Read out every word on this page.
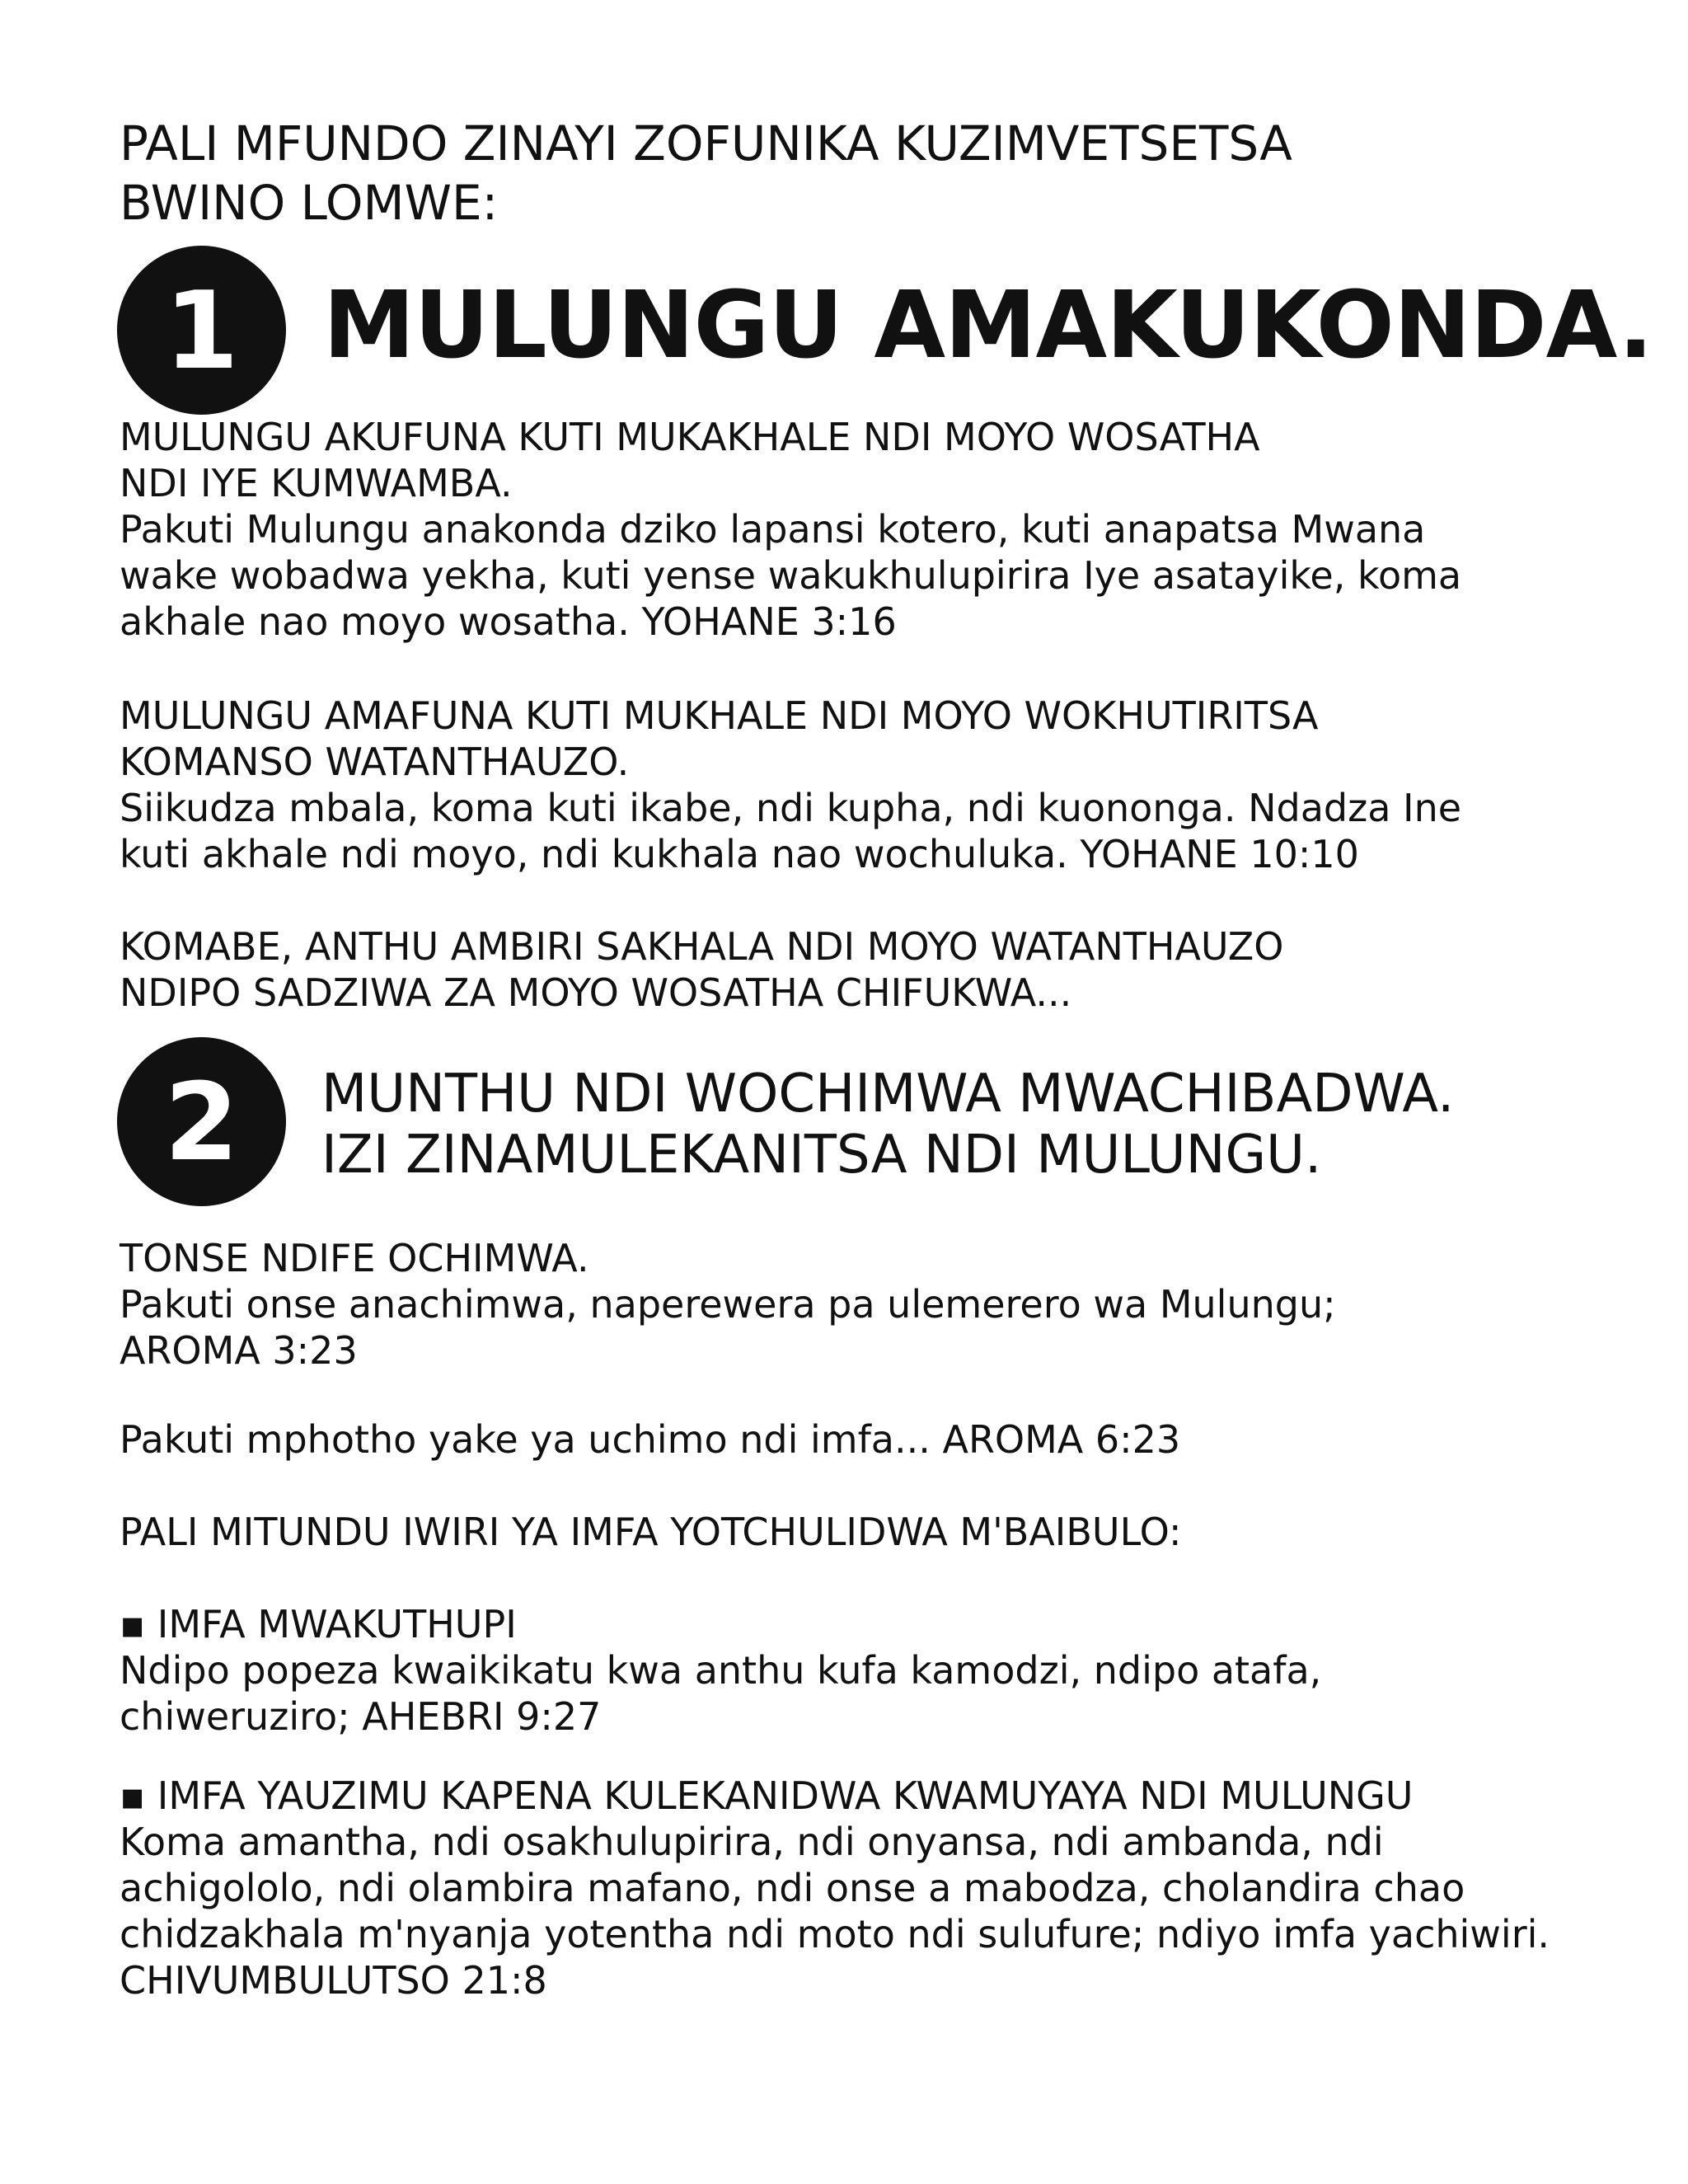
PALI MFUNDO ZINAYI ZOFUNIKA KUZIMVETSETSA
BWINO LOMWE:
1 MULUNGU AMAKUKONDA.
MULUNGU AKUFUNA KUTI MUKAKHALE NDI MOYO WOSATHA
NDI IYE KUMWAMBA.
Pakuti Mulungu anakonda dziko lapansi kotero, kuti anapatsa Mwana
wake wobadwa yekha, kuti yense wakukhulupirira Iye asatayike, koma
akhale nao moyo wosatha. YOHANE 3:16
MULUNGU AMAFUNA KUTI MUKHALE NDI MOYO WOKHUTIRITSA
KOMANSO WATANTHAUZO.
Siikudza mbala, koma kuti ikabe, ndi kupha, ndi kuononga. Ndadza Ine
kuti akhale ndi moyo, ndi kukhala nao wochuluka. YOHANE 10:10
KOMABE, ANTHU AMBIRI SAKHALA NDI MOYO WATANTHAUZO
NDIPO SADZIWA ZA MOYO WOSATHA CHIFUKWA...
2 MUNTHU NDI WOCHIMWA MWACHIBADWA.
IZI ZINAMULEKANITSA NDI MULUNGU.
TONSE NDIFE OCHIMWA.
Pakuti onse anachimwa, naperewera pa ulemerero wa Mulungu;
AROMA 3:23
Pakuti mphotho yake ya uchimo ndi imfa... AROMA 6:23
PALI MITUNDU IWIRI YA IMFA YOTCHULIDWA M'BAIBULO:
▪ IMFA MWAKUTHUPI
Ndipo popeza kwaikikatu kwa anthu kufa kamodzi, ndipo atafa,
chiweruziro; AHEBRI 9:27
▪ IMFA YAUZIMU KAPENA KULEKANIDWA KWAMUYAYA NDI MULUNGU
Koma amantha, ndi osakhulupirira, ndi onyansa, ndi ambanda, ndi
achigololo, ndi olambira mafano, ndi onse a mabodza, cholandira chao
chidzakhala m'nyanja yotentha ndi moto ndi sulufure; ndiyo imfa yachiwiri.
CHIVUMBULUTSO 21:8
